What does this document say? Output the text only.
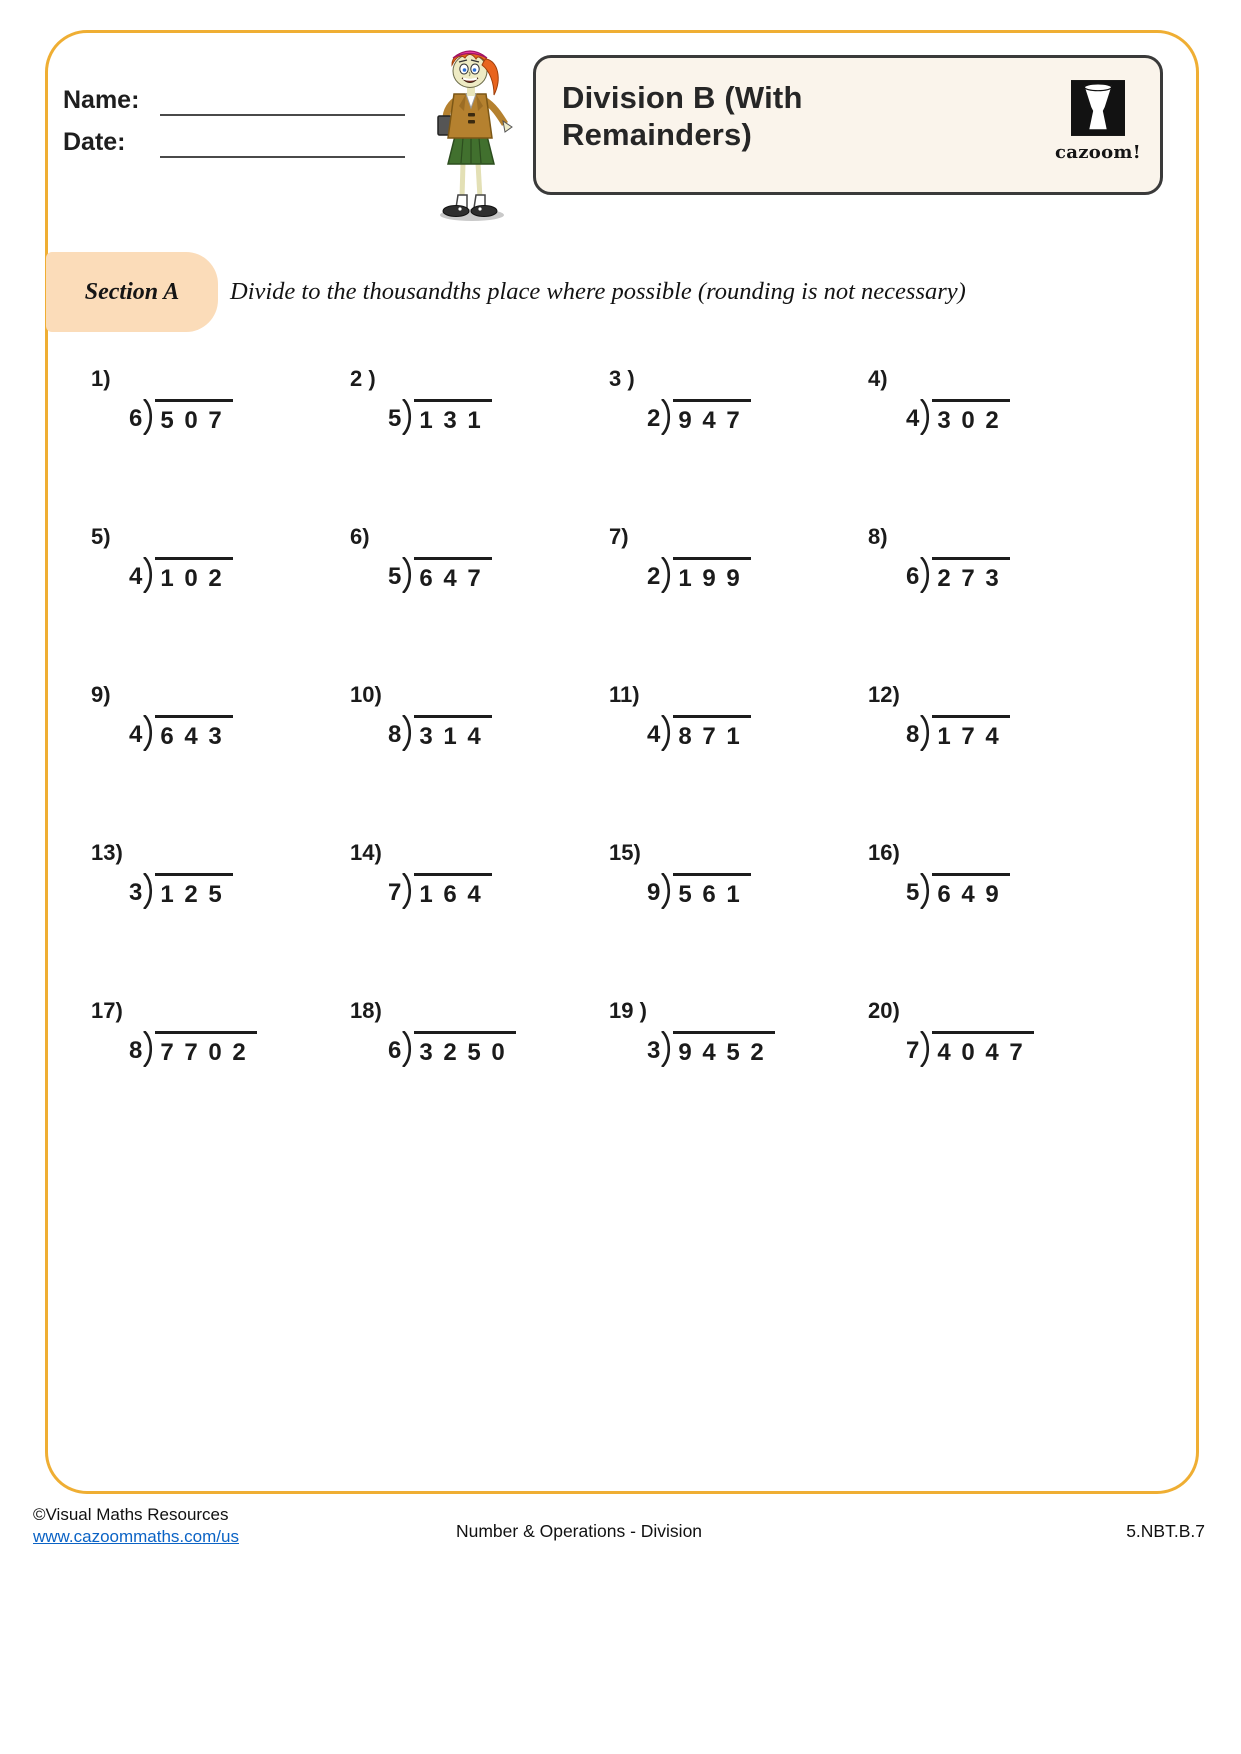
Name:
Date:
Division B (With Remainders)
cazoom!
Section A Divide to the thousandths place where possible (rounding is not necessary)
1)
6 5 0 7
2 )
5 1 3 1
3 )
2 9 4 7
4)
4 3 0 2
5)
4 1 0 2
6)
5 6 4 7
7)
2 1 9 9
8)
6 2 7 3
9)
4 6 4 3
10)
8 3 1 4
11)
4 8 7 1
12)
8 1 7 4
13)
3 1 2 5
14)
7 1 6 4
15)
9 5 6 1
16)
5 6 4 9
17)
8 7 7 0 2
18)
6 3 2 5 0
19 )
3 9 4 5 2
20)
7 4 0 4 7
©Visual Maths Resources
www.cazoommaths.com/us	Number & Operations - Division	5.NBT.B.7
